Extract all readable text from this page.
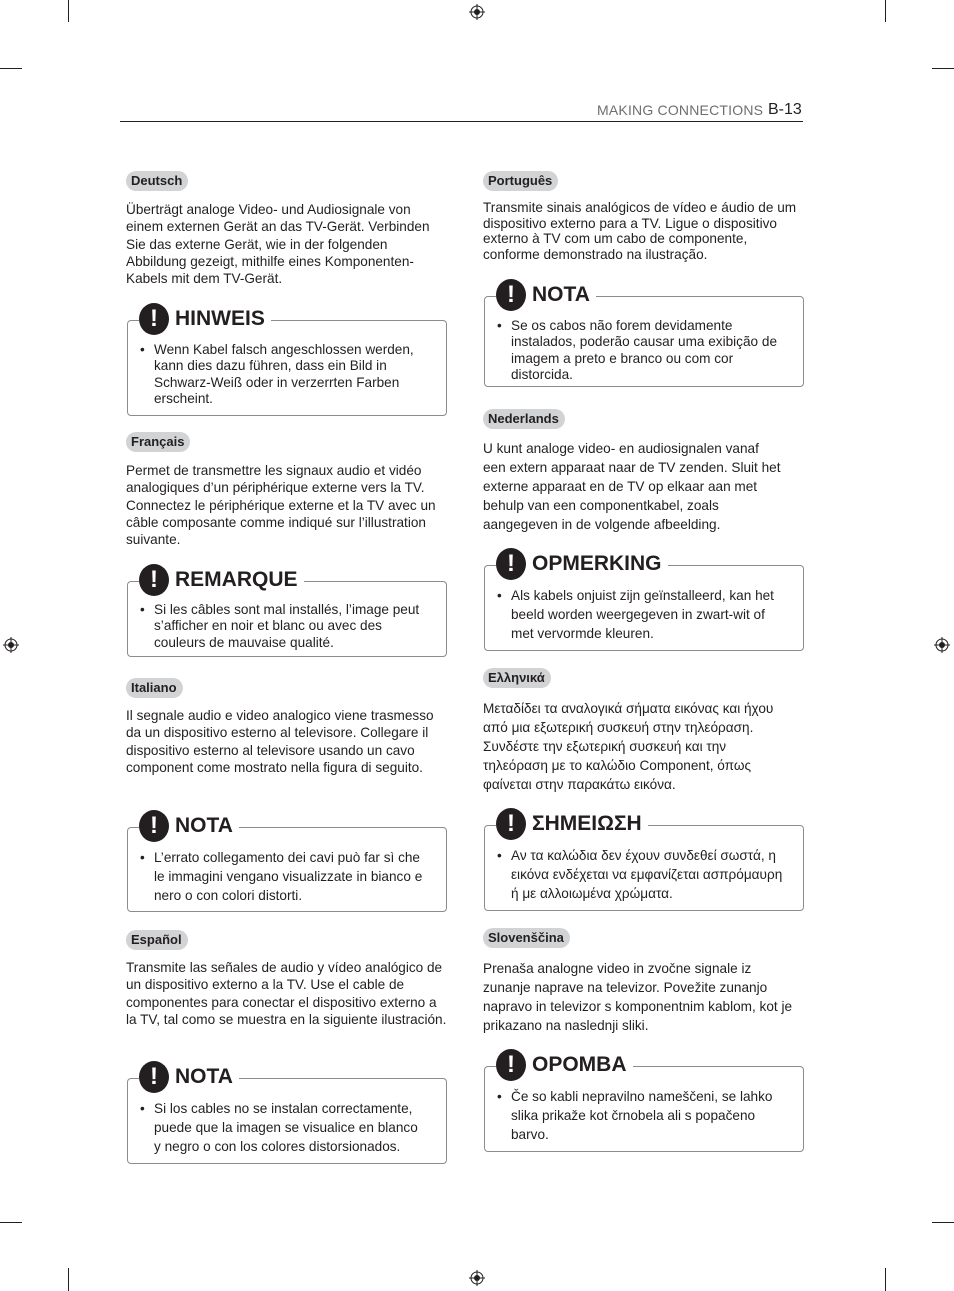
MAKING CONNECTIONS B-13
Deutsch

Überträgt analoge Video- und Audiosignale von einem externen Gerät an das TV-Gerät. Verbinden Sie das externe Gerät, wie in der folgenden Abbildung gezeigt, mithilfe eines Komponenten-Kabels mit dem TV-Gerät.

! HINWEIS
• Wenn Kabel falsch angeschlossen werden, kann dies dazu führen, dass ein Bild in Schwarz-Weiß oder in verzerrten Farben erscheint.
Français

Permet de transmettre les signaux audio et vidéo analogiques d’un périphérique externe vers la TV. Connectez le périphérique externe et la TV avec un câble composante comme indiqué sur l’illustration suivante.

! REMARQUE
• Si les câbles sont mal installés, l’image peut s’afficher en noir et blanc ou avec des couleurs de mauvaise qualité.
Italiano

Il segnale audio e video analogico viene trasmesso da un dispositivo esterno al televisore. Collegare il dispositivo esterno al televisore usando un cavo component come mostrato nella figura di seguito.

! NOTA
• L’errato collegamento dei cavi può far sì che le immagini vengano visualizzate in bianco e nero o con colori distorti.
Español

Transmite las señales de audio y vídeo analógico de un dispositivo externo a la TV. Use el cable de componentes para conectar el dispositivo externo a la TV, tal como se muestra en la siguiente ilustración.

! NOTA
• Si los cables no se instalan correctamente, puede que la imagen se visualice en blanco y negro o con los colores distorsionados.
Português

Transmite sinais analógicos de vídeo e áudio de um dispositivo externo para a TV. Ligue o dispositivo externo à TV com um cabo de componente, conforme demonstrado na ilustração.

! NOTA
• Se os cabos não forem devidamente instalados, poderão causar uma exibição de imagem a preto e branco ou com cor distorcida.
Nederlands

U kunt analoge video- en audiosignalen vanaf een extern apparaat naar de TV zenden. Sluit het externe apparaat en de TV op elkaar aan met behulp van een componentkabel, zoals aangegeven in de volgende afbeelding.

! OPMERKING
• Als kabels onjuist zijn geïnstalleerd, kan het beeld worden weergegeven in zwart-wit of met vervormde kleuren.
Ελληνικά

Μεταδίδει τα αναλογικά σήματα εικόνας και ήχου από μια εξωτερική συσκευή στην τηλεόραση. Συνδέστε την εξωτερική συσκευή και την τηλεόραση με το καλώδιο Component, όπως φαίνεται στην παρακάτω εικόνα.

! ΣΗΜΕΙΩΣΗ
• Αν τα καλώδια δεν έχουν συνδεθεί σωστά, η εικόνα ενδέχεται να εμφανίζεται ασπρόμαυρη ή με αλλοιωμένα χρώματα.
Slovenščina

Prenaša analogne video in zvočne signale iz zunanje naprave na televizor. Povežite zunanjo napravo in televizor s komponentnim kablom, kot je prikazano na naslednji sliki.

! OPOMBA
• Če so kabli nepravilno nameščeni, se lahko slika prikaže kot črnobela ali s popačeno barvo.
